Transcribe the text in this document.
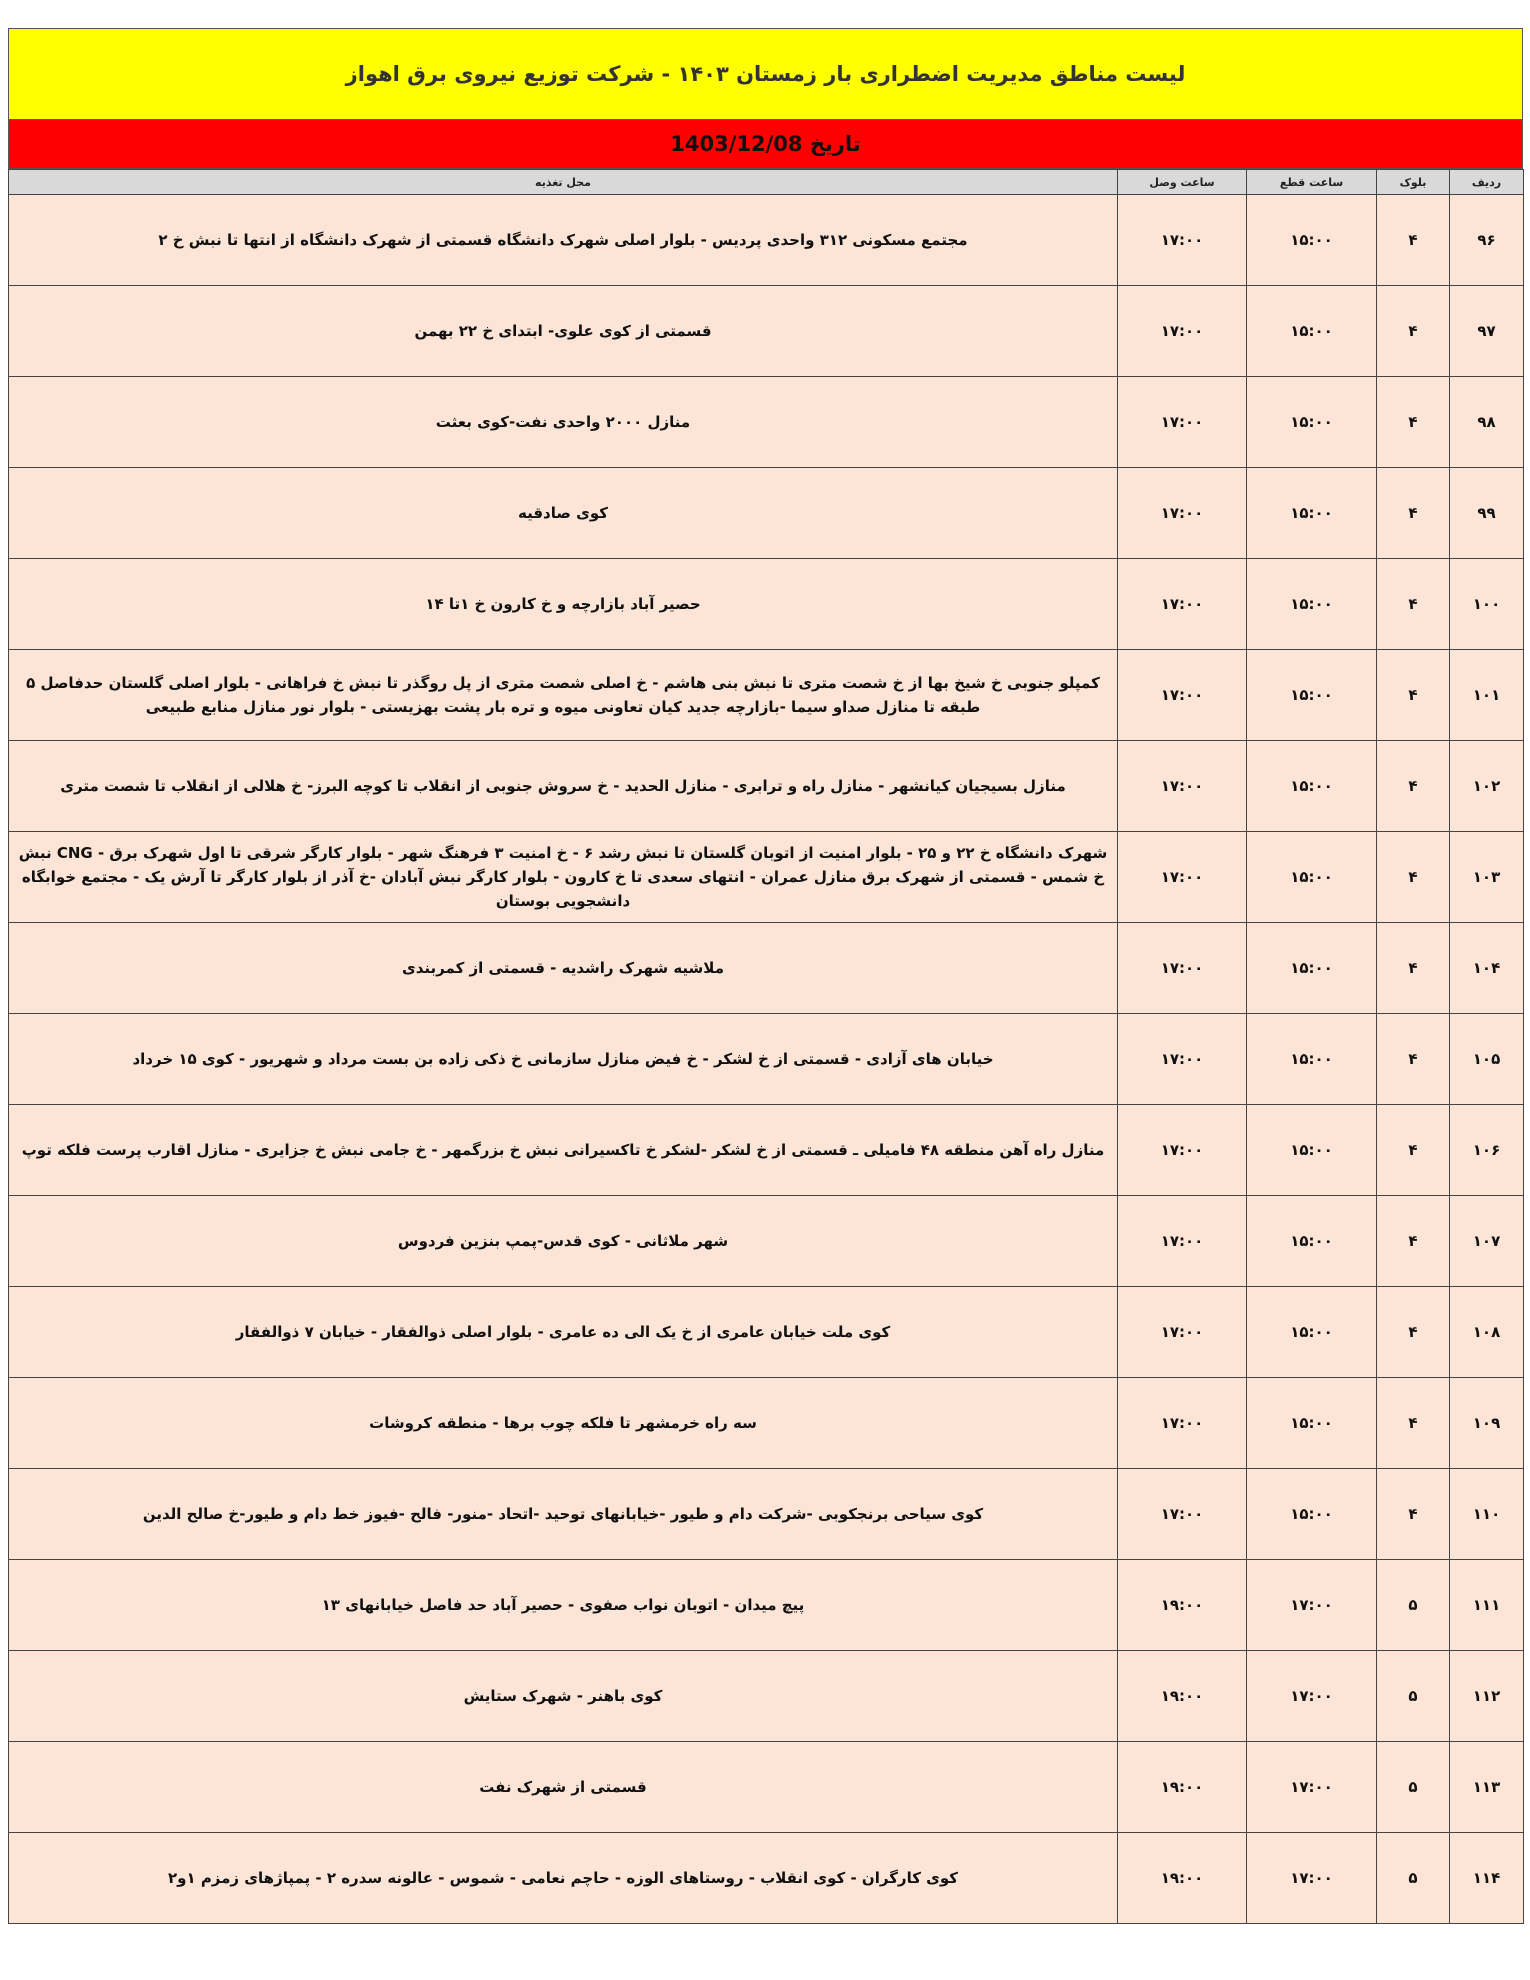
لیست مناطق مدیریت اضطراری بار زمستان ۱۴۰۳ - شرکت توزیع نیروی برق اهواز
تاریخ 1403/12/08
ردیف	بلوک	ساعت قطع	ساعت وصل	محل تغذیه
۹۶	۴	۱۵:۰۰	۱۷:۰۰	مجتمع مسکونی ۳۱۲ واحدی پردیس - بلوار اصلی شهرک دانشگاه قسمتی از شهرک دانشگاه از انتها تا نبش خ ۲
۹۷	۴	۱۵:۰۰	۱۷:۰۰	قسمتی از کوی علوی- ابتدای خ ۲۲ بهمن
۹۸	۴	۱۵:۰۰	۱۷:۰۰	منازل ۲۰۰۰ واحدی نفت-کوی بعثت
۹۹	۴	۱۵:۰۰	۱۷:۰۰	کوی صادقیه
۱۰۰	۴	۱۵:۰۰	۱۷:۰۰	حصیر آباد بازارچه و خ کارون خ ۱تا ۱۴
۱۰۱	۴	۱۵:۰۰	۱۷:۰۰	کمپلو جنوبی خ شیخ بها از خ شصت متری تا نبش بنی هاشم - خ اصلی شصت متری از پل روگذر تا نبش خ فراهانی - بلوار اصلی گلستان حدفاصل ۵ طبقه تا منازل صداو سیما -بازارچه جدید کیان تعاونی میوه و تره بار پشت بهزیستی - بلوار نور منازل منابع طبیعی
۱۰۲	۴	۱۵:۰۰	۱۷:۰۰	منازل بسیجیان کیانشهر - منازل راه و ترابری - منازل الحدید - خ سروش جنوبی از انقلاب تا کوچه البرز- خ هلالی از انقلاب تا شصت متری
۱۰۳	۴	۱۵:۰۰	۱۷:۰۰	شهرک دانشگاه خ ۲۲ و ۲۵ - بلوار امنیت از اتوبان گلستان تا نبش رشد ۶ - خ امنیت ۳ فرهنگ شهر - بلوار کارگر شرقی تا اول شهرک برق - CNG نبش خ شمس - قسمتی از شهرک برق منازل عمران - انتهای سعدی تا خ کارون - بلوار کارگر نبش آبادان -خ آذر از بلوار کارگر تا آرش یک - مجتمع خوابگاه دانشجویی بوستان
۱۰۴	۴	۱۵:۰۰	۱۷:۰۰	ملاشیه شهرک راشدیه - قسمتی از کمربندی
۱۰۵	۴	۱۵:۰۰	۱۷:۰۰	خیابان های آزادی - قسمتی از خ لشکر - خ فیض منازل سازمانی خ ذکی زاده بن بست مرداد و شهریور - کوی ۱۵ خرداد
۱۰۶	۴	۱۵:۰۰	۱۷:۰۰	منازل راه آهن منطقه ۴۸ فامیلی ـ قسمتی از خ لشکر -لشکر خ تاکسیرانی نبش خ بزرگمهر - خ جامی نبش خ جزایری - منازل اقارب پرست فلکه توپ
۱۰۷	۴	۱۵:۰۰	۱۷:۰۰	شهر ملاثانی - کوی قدس-پمپ بنزین فردوس
۱۰۸	۴	۱۵:۰۰	۱۷:۰۰	کوی ملت خیابان عامری از خ یک الی ده عامری - بلوار اصلی ذوالفقار - خیابان ۷ ذوالفقار
۱۰۹	۴	۱۵:۰۰	۱۷:۰۰	سه راه خرمشهر تا فلکه چوب برها - منطقه کروشات
۱۱۰	۴	۱۵:۰۰	۱۷:۰۰	کوی سیاحی برنجکوبی -شرکت دام و طیور -خیابانهای توحید -اتحاد -منور- فالح -فیوز خط دام و طیور-خ صالح الدین
۱۱۱	۵	۱۷:۰۰	۱۹:۰۰	پیچ میدان - اتوبان نواب صفوی - حصیر آباد حد فاصل خیابانهای ۱۳
۱۱۲	۵	۱۷:۰۰	۱۹:۰۰	کوی باهنر - شهرک ستایش
۱۱۳	۵	۱۷:۰۰	۱۹:۰۰	قسمتی از شهرک نفت
۱۱۴	۵	۱۷:۰۰	۱۹:۰۰	کوی کارگران - کوی انقلاب - روستاهای الوزه - حاچم نعامی - شموس - عالونه سدره ۲ - پمپاژهای زمزم ۱و۲
